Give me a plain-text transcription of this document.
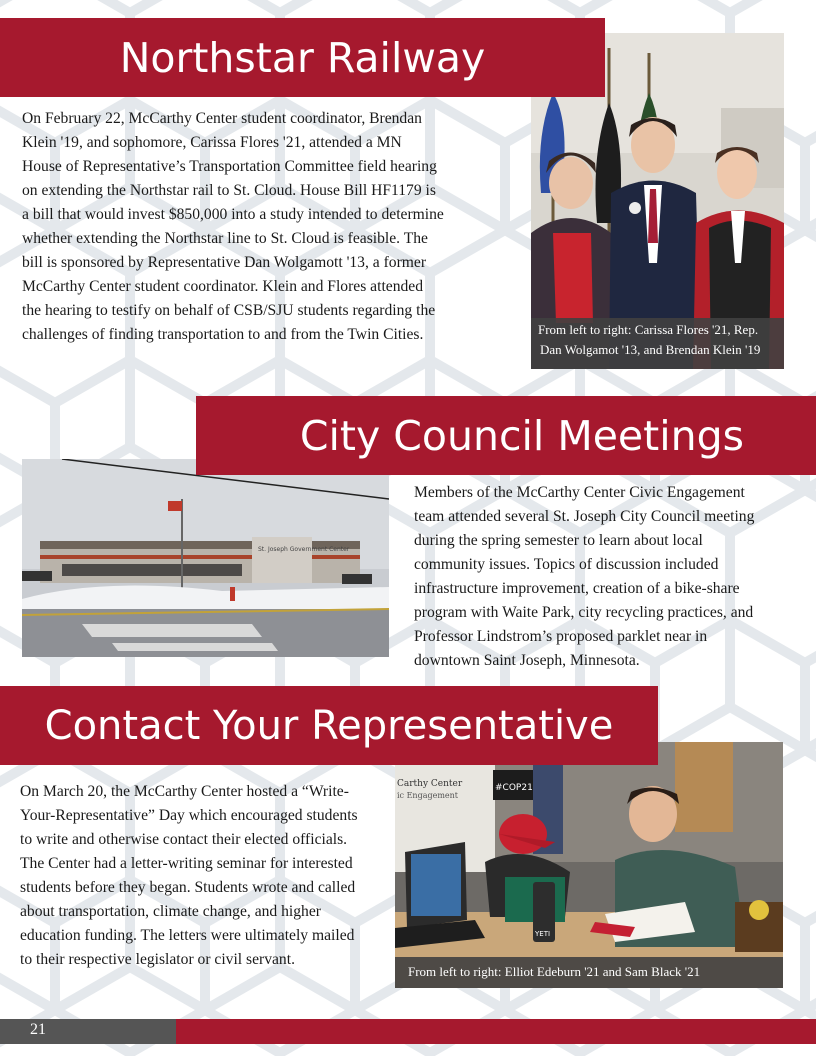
Northstar Railway
On February 22, McCarthy Center student coordinator, Brendan
Klein '19, and sophomore, Carissa Flores '21, attended a MN
House of Representative’s Transportation Committee field hearing
on extending the Northstar rail to St. Cloud. House Bill HF1179 is
a bill that would invest $850,000 into a study intended to determine
whether extending the Northstar line to St. Cloud is feasible. The
bill is sponsored by Representative Dan Wolgamott '13, a former
McCarthy Center student coordinator. Klein and Flores attended
the hearing to testify on behalf of CSB/SJU students regarding the
challenges of finding transportation to and from the Twin Cities.	From left to right: Carissa Flores '21, Rep.
Dan Wolgamot '13, and Brendan Klein '19
City Council Meetings
St. Joseph Government Center
Members of the McCarthy Center Civic Engagement
team attended several St. Joseph City Council meeting
during the spring semester to learn about local
community issues. Topics of discussion included
infrastructure improvement, creation of a bike-share
program with Waite Park, city recycling practices, and
Professor Lindstrom’s proposed parklet near in
downtown Saint Joseph, Minnesota.
Contact Your Representative
Carthy Center
ic Engagement
#COP21
YETI
From left to right: Elliot Edeburn '21 and Sam Black '21
On March 20, the McCarthy Center hosted a “Write-
Your-Representative” Day which encouraged students
to write and otherwise contact their elected officials.
The Center had a letter-writing seminar for interested
students before they began. Students wrote and called
about transportation, climate change, and higher
education funding. The letters were ultimately mailed
to their respective legislator or civil servant.
21
